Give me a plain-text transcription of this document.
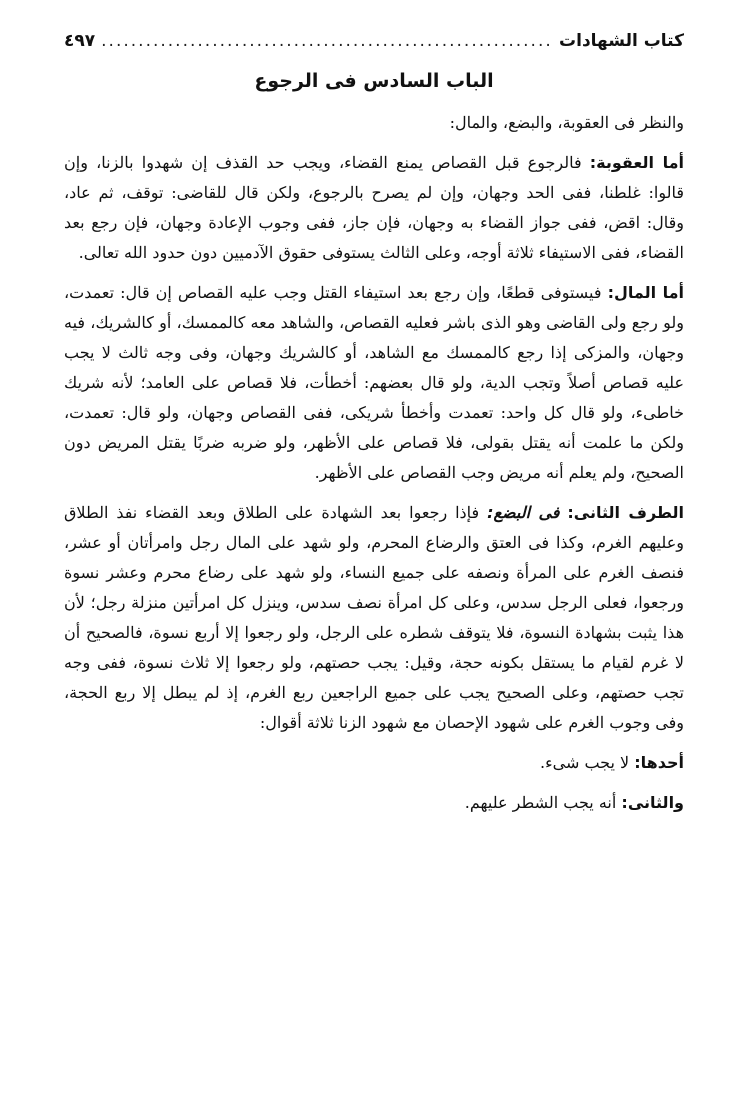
كتاب الشهادات
.....
٤٩٧
الباب السادس فى الرجوع

والنظر فى العقوبة، والبضع، والمال:

أما العقوبة: فالرجوع قبل القصاص يمنع القضاء، ويجب حد القذف إن شهدوا بالزنا، وإن قالوا: غلطنا، ففى الحد وجهان، وإن لم يصرح بالرجوع، ولكن قال للقاضى: توقف، ثم عاد، وقال: اقض، ففى جواز القضاء به وجهان، فإن جاز، ففى وجوب الإعادة وجهان، فإن رجع بعد القضاء، ففى الاستيفاء ثلاثة أوجه، وعلى الثالث يستوفى حقوق الآدميين دون حدود الله تعالى.

أما المال: فيستوفى قطعًا، وإن رجع بعد استيفاء القتل وجب عليه القصاص إن قال: تعمدت، ولو رجع ولى القاضى وهو الذى باشر فعليه القصاص، والشاهد معه كالممسك، أو كالشريك، فيه وجهان، والمزكى إذا رجع كالممسك مع الشاهد، أو كالشريك وجهان، وفى وجه ثالث لا يجب عليه قصاص أصلاً وتجب الدية، ولو قال بعضهم: أخطأت، فلا قصاص على العامد؛ لأنه شريك خاطىء، ولو قال كل واحد: تعمدت وأخطأ شريكى، ففى القصاص وجهان، ولو قال: تعمدت، ولكن ما علمت أنه يقتل بقولى، فلا قصاص على الأظهر، ولو ضربه ضربًا يقتل المريض دون الصحيح، ولم يعلم أنه مريض وجب القصاص على الأظهر.

الطرف الثانى: فى البضع: فإذا رجعوا بعد الشهادة على الطلاق وبعد القضاء نفذ الطلاق وعليهم الغرم، وكذا فى العتق والرضاع المحرم، ولو شهد على المال رجل وامرأتان أو عشر، فنصف الغرم على المرأة ونصفه على جميع النساء، ولو شهد على رضاع محرم وعشر نسوة ورجعوا، فعلى الرجل سدس، وعلى كل امرأة نصف سدس، وينزل كل امرأتين منزلة رجل؛ لأن هذا يثبت بشهادة النسوة، فلا يتوقف شطره على الرجل، ولو رجعوا إلا أربع نسوة، فالصحيح أن لا غرم لقيام ما يستقل بكونه حجة، وقيل: يجب حصتهم، ولو رجعوا إلا ثلاث نسوة، ففى وجه تجب حصتهم، وعلى الصحيح يجب على جميع الراجعين ربع الغرم، إذ لم يبطل إلا ربع الحجة، وفى وجوب الغرم على شهود الإحصان مع شهود الزنا ثلاثة أقوال:

أحدها: لا يجب شىء.

والثانى: أنه يجب الشطر عليهم.
